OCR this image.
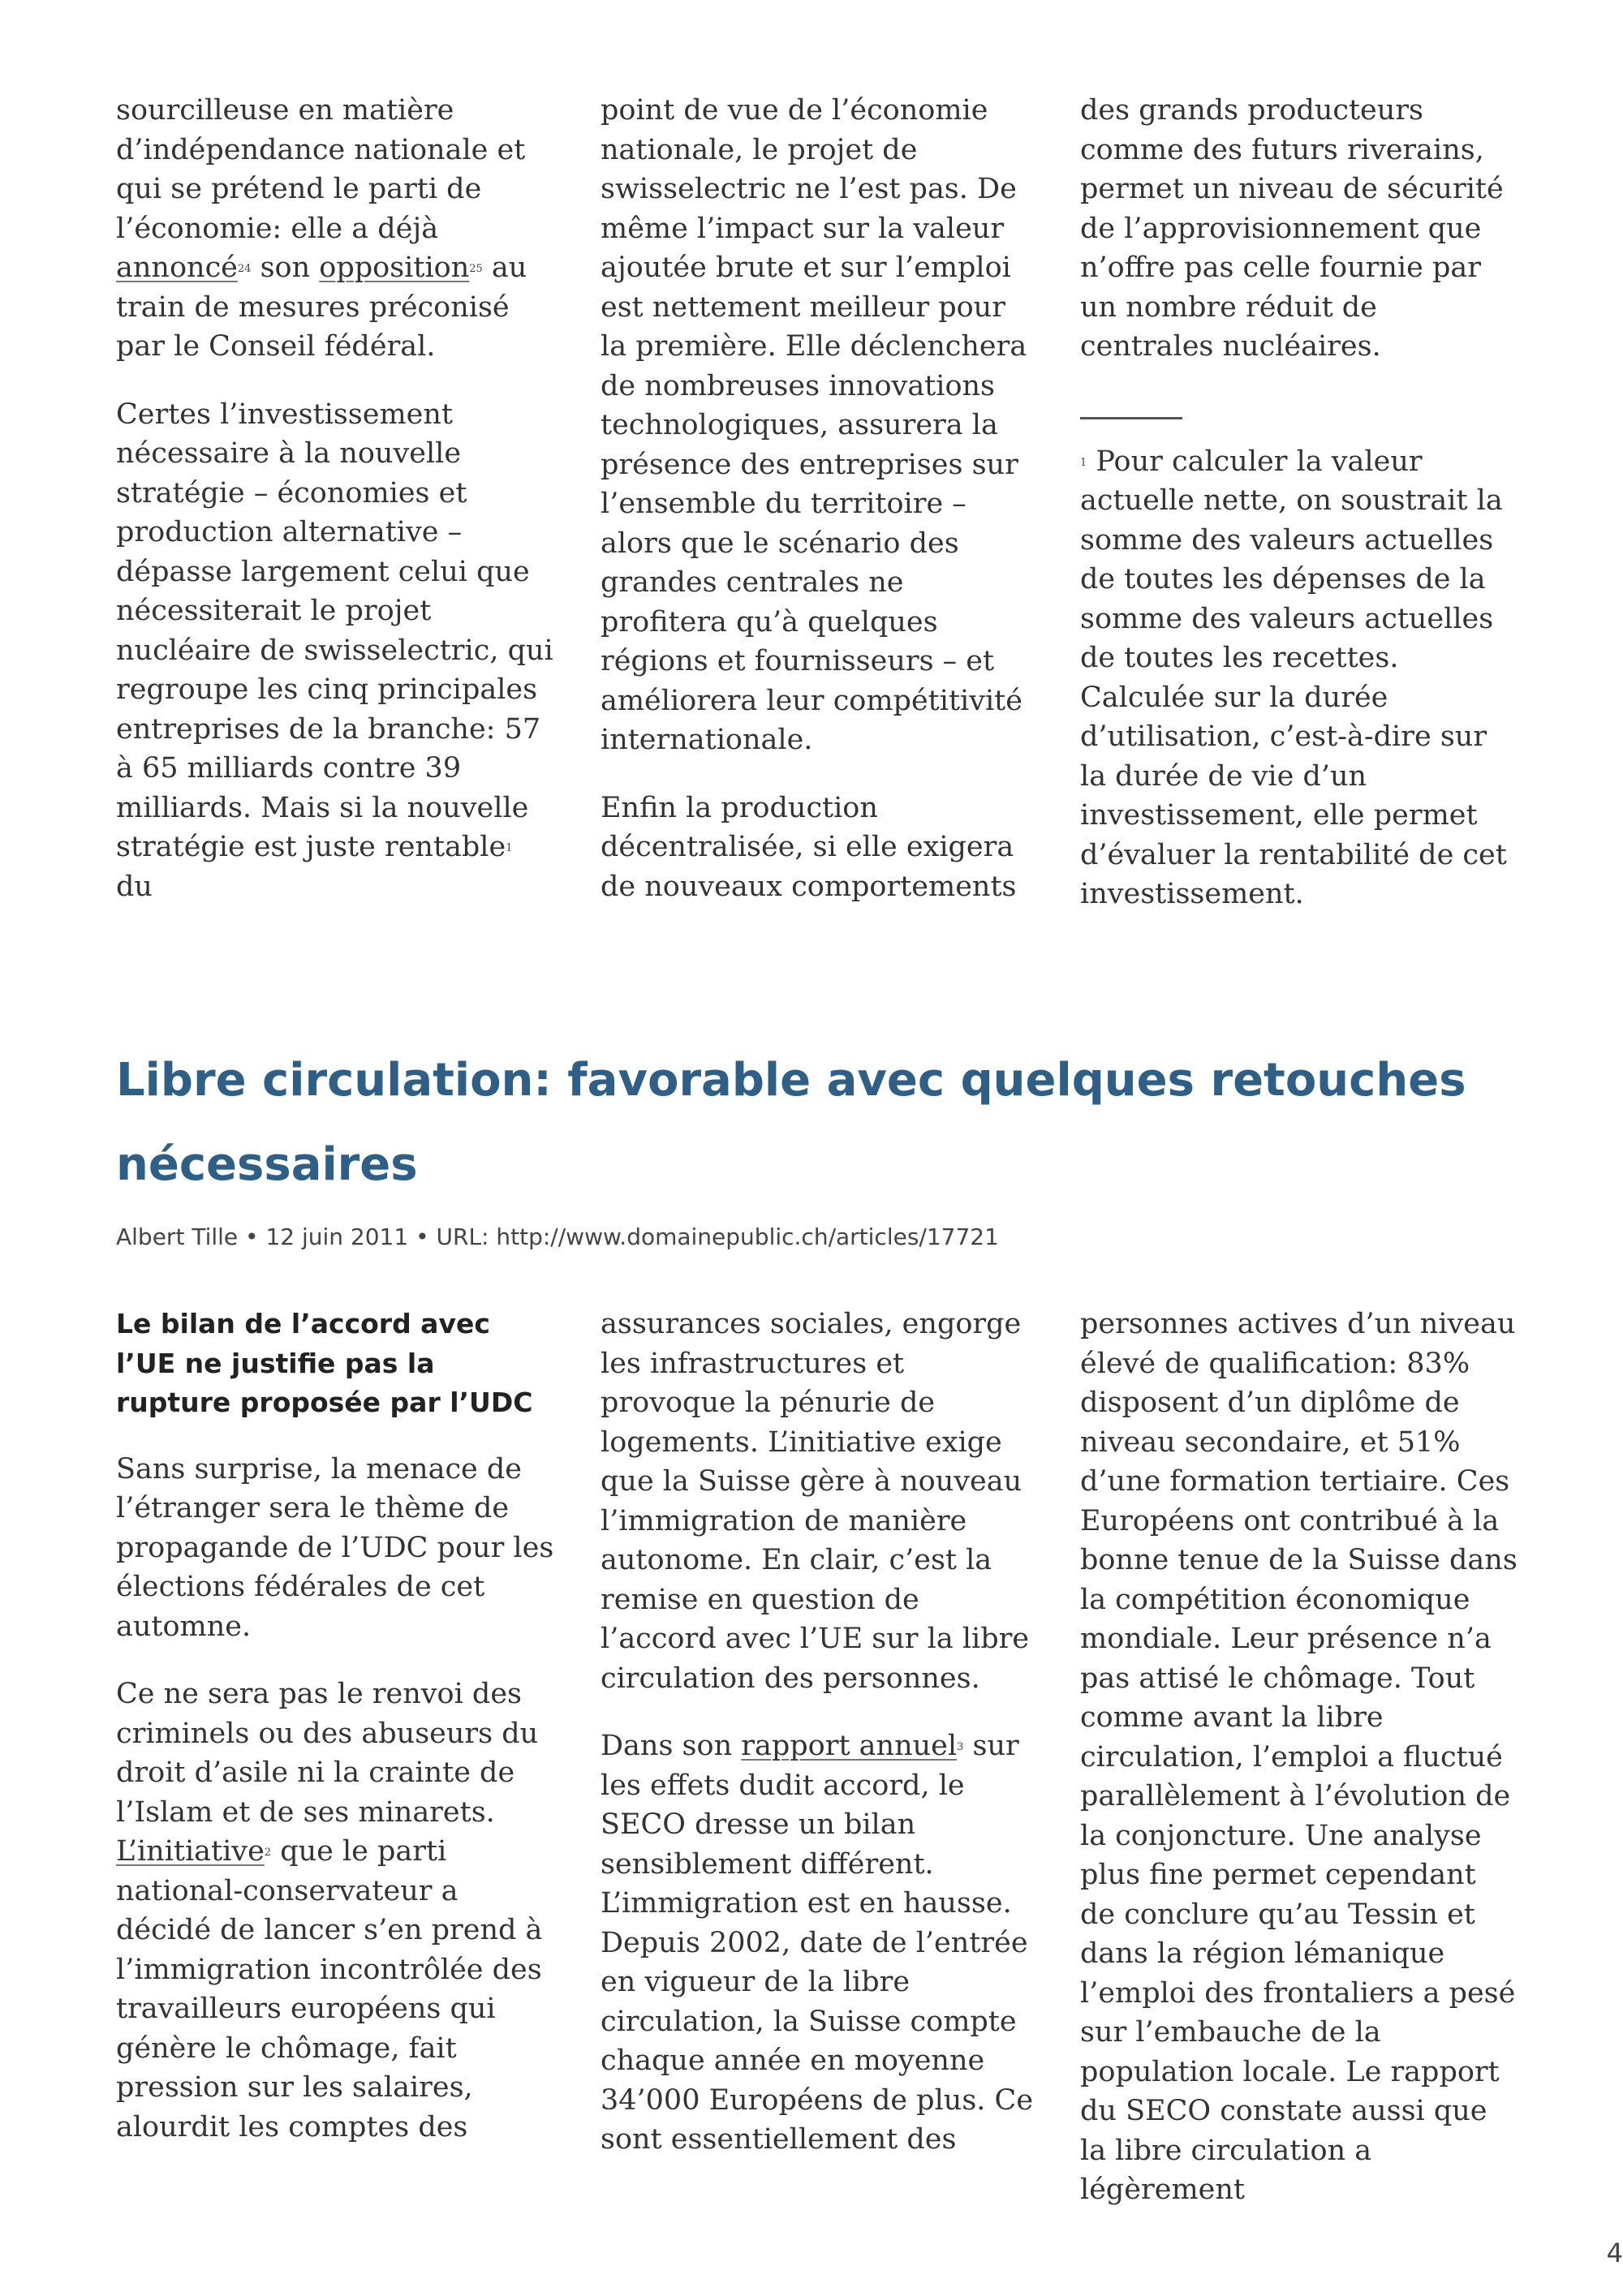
sourcilleuse en matière d’indépendance nationale et qui se prétend le parti de l’économie: elle a déjà annoncé$^{24}$ son opposition$^{25}$ au train de mesures préconisé par le Conseil fédéral.

Certes l’investissement nécessaire à la nouvelle stratégie – économies et production alternative – dépasse largement celui que nécessiterait le projet nucléaire de swisselectric, qui regroupe les cinq principales entreprises de la branche: 57 à 65 milliards contre 39 milliards. Mais si la nouvelle stratégie est juste rentable$^1$ du

point de vue de l’économie nationale, le projet de swisselectric ne l’est pas. De même l’impact sur la valeur ajoutée brute et sur l’emploi est nettement meilleur pour la première. Elle déclenchera de nombreuses innovations technologiques, assurera la présence des entreprises sur l’ensemble du territoire – alors que le scénario des grandes centrales ne profitera qu’à quelques régions et fournisseurs – et améliorera leur compétitivité internationale.

Enfin la production décentralisée, si elle exigera de nouveaux comportements

des grands producteurs comme des futurs riverains, permet un niveau de sécurité de l’approvisionnement que n’offre pas celle fournie par un nombre réduit de centrales nucléaires.

$^1$ Pour calculer la valeur actuelle nette, on soustrait la somme des valeurs actuelles de toutes les dépenses de la somme des valeurs actuelles de toutes les recettes. Calculée sur la durée d’utilisation, c’est-à-dire sur la durée de vie d’un investissement, elle permet d’évaluer la rentabilité de cet investissement.

Libre circulation: favorable avec quelques retouches nécessaires

Albert Tille • 12 juin 2011 • URL: http://www.domainepublic.ch/articles/17721

Le bilan de l’accord avec l’UE ne justifie pas la rupture proposée par l’UDC

Sans surprise, la menace de l’étranger sera le thème de propagande de l’UDC pour les élections fédérales de cet automne.

Ce ne sera pas le renvoi des criminels ou des abuseurs du droit d’asile ni la crainte de l’Islam et de ses minarets. L’initiative$^2$ que le parti national-conservateur a décidé de lancer s’en prend à l’immigration incontrôlée des travailleurs européens qui génère le chômage, fait pression sur les salaires, alourdit les comptes des

assurances sociales, engorge les infrastructures et provoque la pénurie de logements. L’initiative exige que la Suisse gère à nouveau l’immigration de manière autonome. En clair, c’est la remise en question de l’accord avec l’UE sur la libre circulation des personnes.

Dans son rapport annuel$^3$ sur les effets dudit accord, le SECO dresse un bilan sensiblement différent. L’immigration est en hausse. Depuis 2002, date de l’entrée en vigueur de la libre circulation, la Suisse compte chaque année en moyenne 34’000 Européens de plus. Ce sont essentiellement des

personnes actives d’un niveau élevé de qualification: 83% disposent d’un diplôme de niveau secondaire, et 51% d’une formation tertiaire. Ces Européens ont contribué à la bonne tenue de la Suisse dans la compétition économique mondiale. Leur présence n’a pas attisé le chômage. Tout comme avant la libre circulation, l’emploi a fluctué parallèlement à l’évolution de la conjoncture. Une analyse plus fine permet cependant de conclure qu’au Tessin et dans la région lémanique l’emploi des frontaliers a pesé sur l’embauche de la population locale. Le rapport du SECO constate aussi que la libre circulation a légèrement

4
